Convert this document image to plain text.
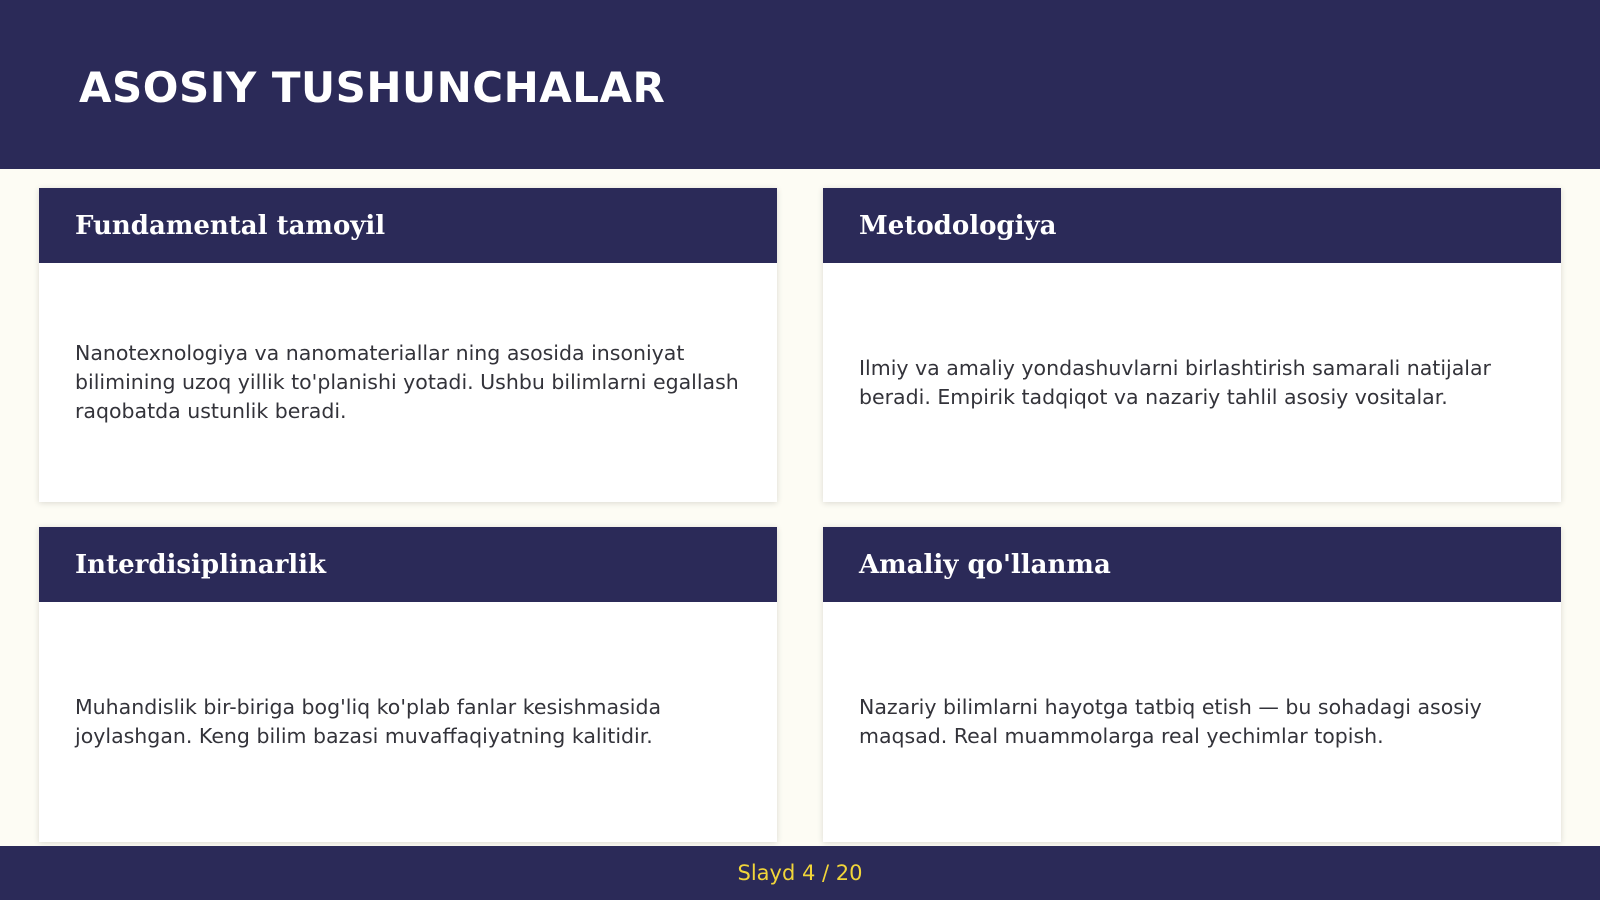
ASOSIY TUSHUNCHALAR
Fundamental tamoyil

Nanotexnologiya va nanomateriallar ning asosida insoniyat bilimining uzoq yillik to'planishi yotadi. Ushbu bilimlarni egallash raqobatda ustunlik beradi.

Metodologiya

Ilmiy va amaliy yondashuvlarni birlashtirish samarali natijalar beradi. Empirik tadqiqot va nazariy tahlil asosiy vositalar.

Interdisiplinarlik

Muhandislik bir-biriga bog'liq ko'plab fanlar kesishmasida joylashgan. Keng bilim bazasi muvaffaqiyatning kalitidir.

Amaliy qo'llanma

Nazariy bilimlarni hayotga tatbiq etish — bu sohadagi asosiy maqsad. Real muammolarga real yechimlar topish.

Slayd 4 / 20
